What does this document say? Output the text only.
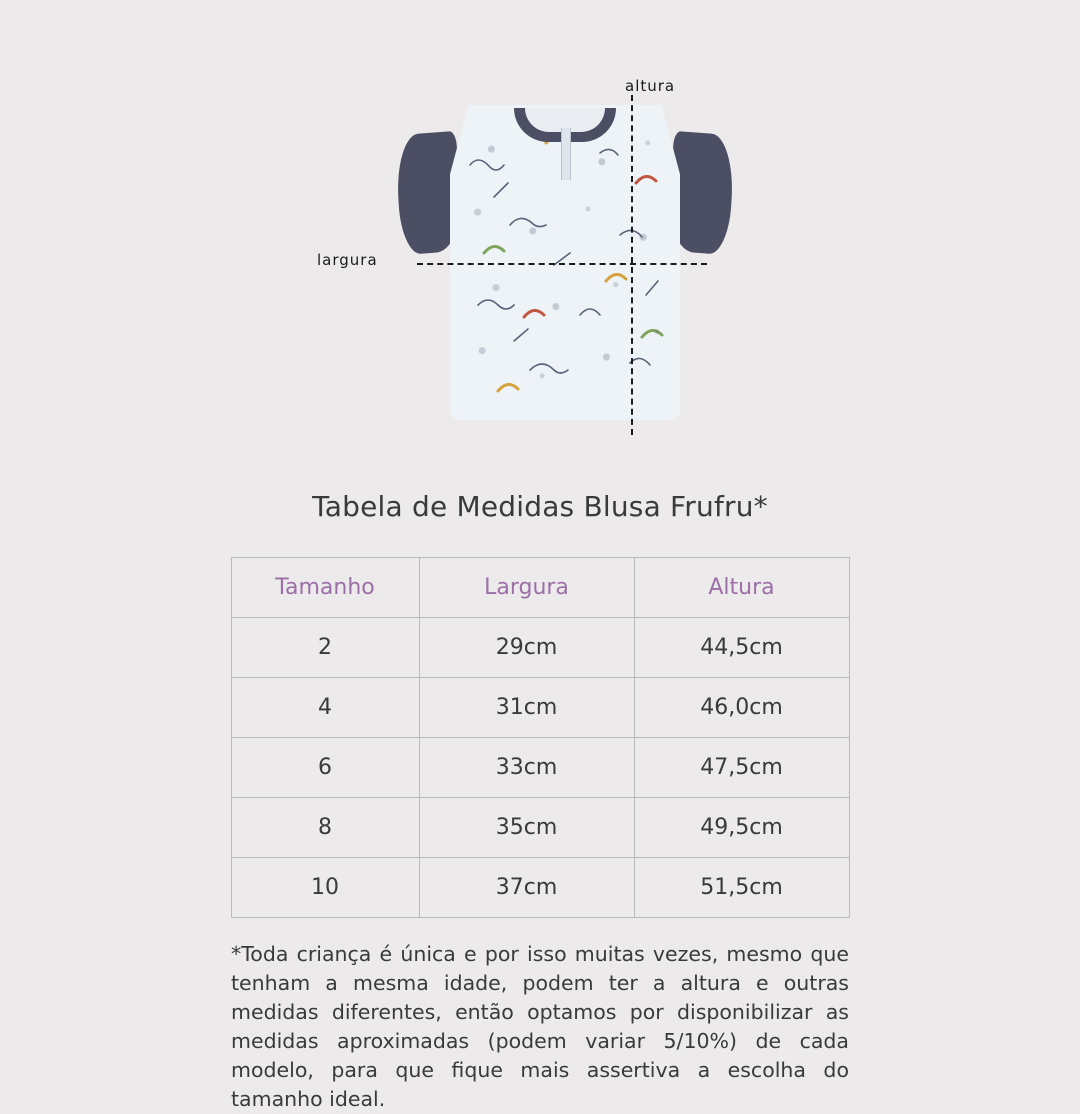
altura
largura
Tabela de Medidas Blusa Frufru*
Tamanho	Largura	Altura
2	29cm	44,5cm
4	31cm	46,0cm
6	33cm	47,5cm
8	35cm	49,5cm
10	37cm	51,5cm
*Toda criança é única e por isso muitas vezes, mesmo que tenham a mesma idade, podem ter a altura e outras medidas diferentes, então optamos por disponibilizar as medidas aproximadas (podem variar 5/10%) de cada modelo, para que fique mais assertiva a escolha do tamanho ideal.
